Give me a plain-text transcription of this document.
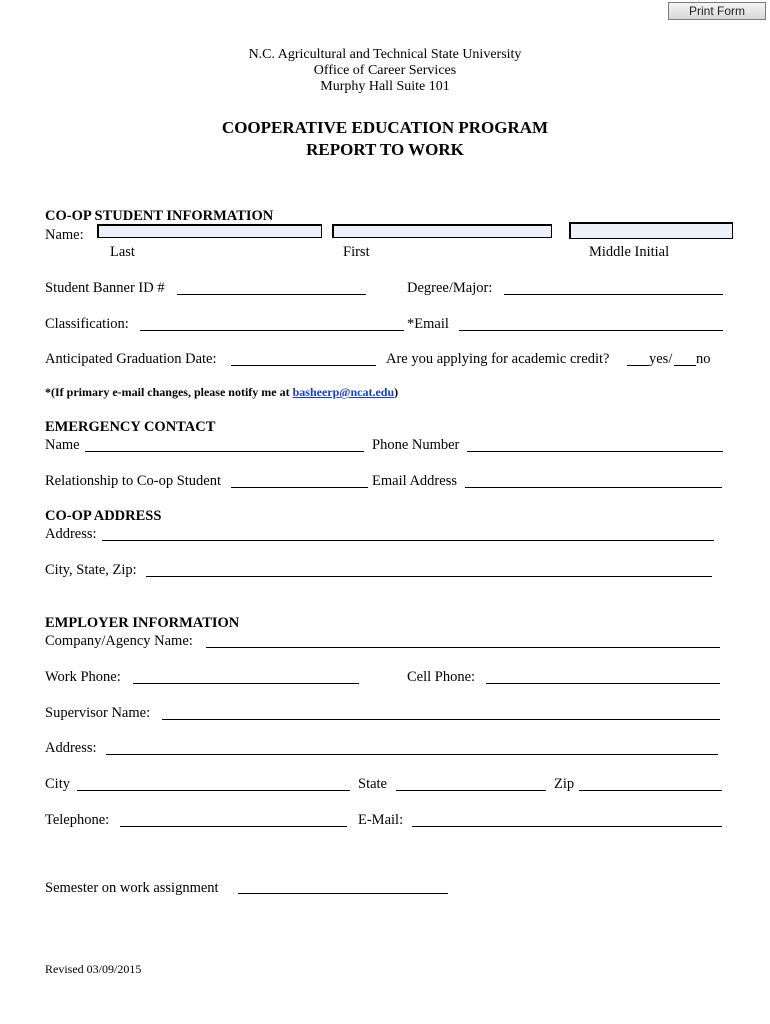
Print Form
N.C. Agricultural and Technical State University
Office of Career Services
Murphy Hall Suite 101
COOPERATIVE EDUCATION PROGRAM
REPORT TO WORK
CO-OP STUDENT INFORMATION
Name:
Last	First	Middle Initial
Student Banner ID #	Degree/Major:
Classification:	*Email
Anticipated Graduation Date:	Are you applying for academic credit?	yes/ no
*(If primary e-mail changes, please notify me at basheerp@ncat.edu)
EMERGENCY CONTACT
Name	Phone Number
Relationship to Co-op Student	Email Address
CO-OP ADDRESS
Address:
City, State, Zip:
EMPLOYER INFORMATION
Company/Agency Name:
Work Phone:	Cell Phone:
Supervisor Name:
Address:
City	State	Zip
Telephone:	E-Mail:
Semester on work assignment
Revised 03/09/2015
